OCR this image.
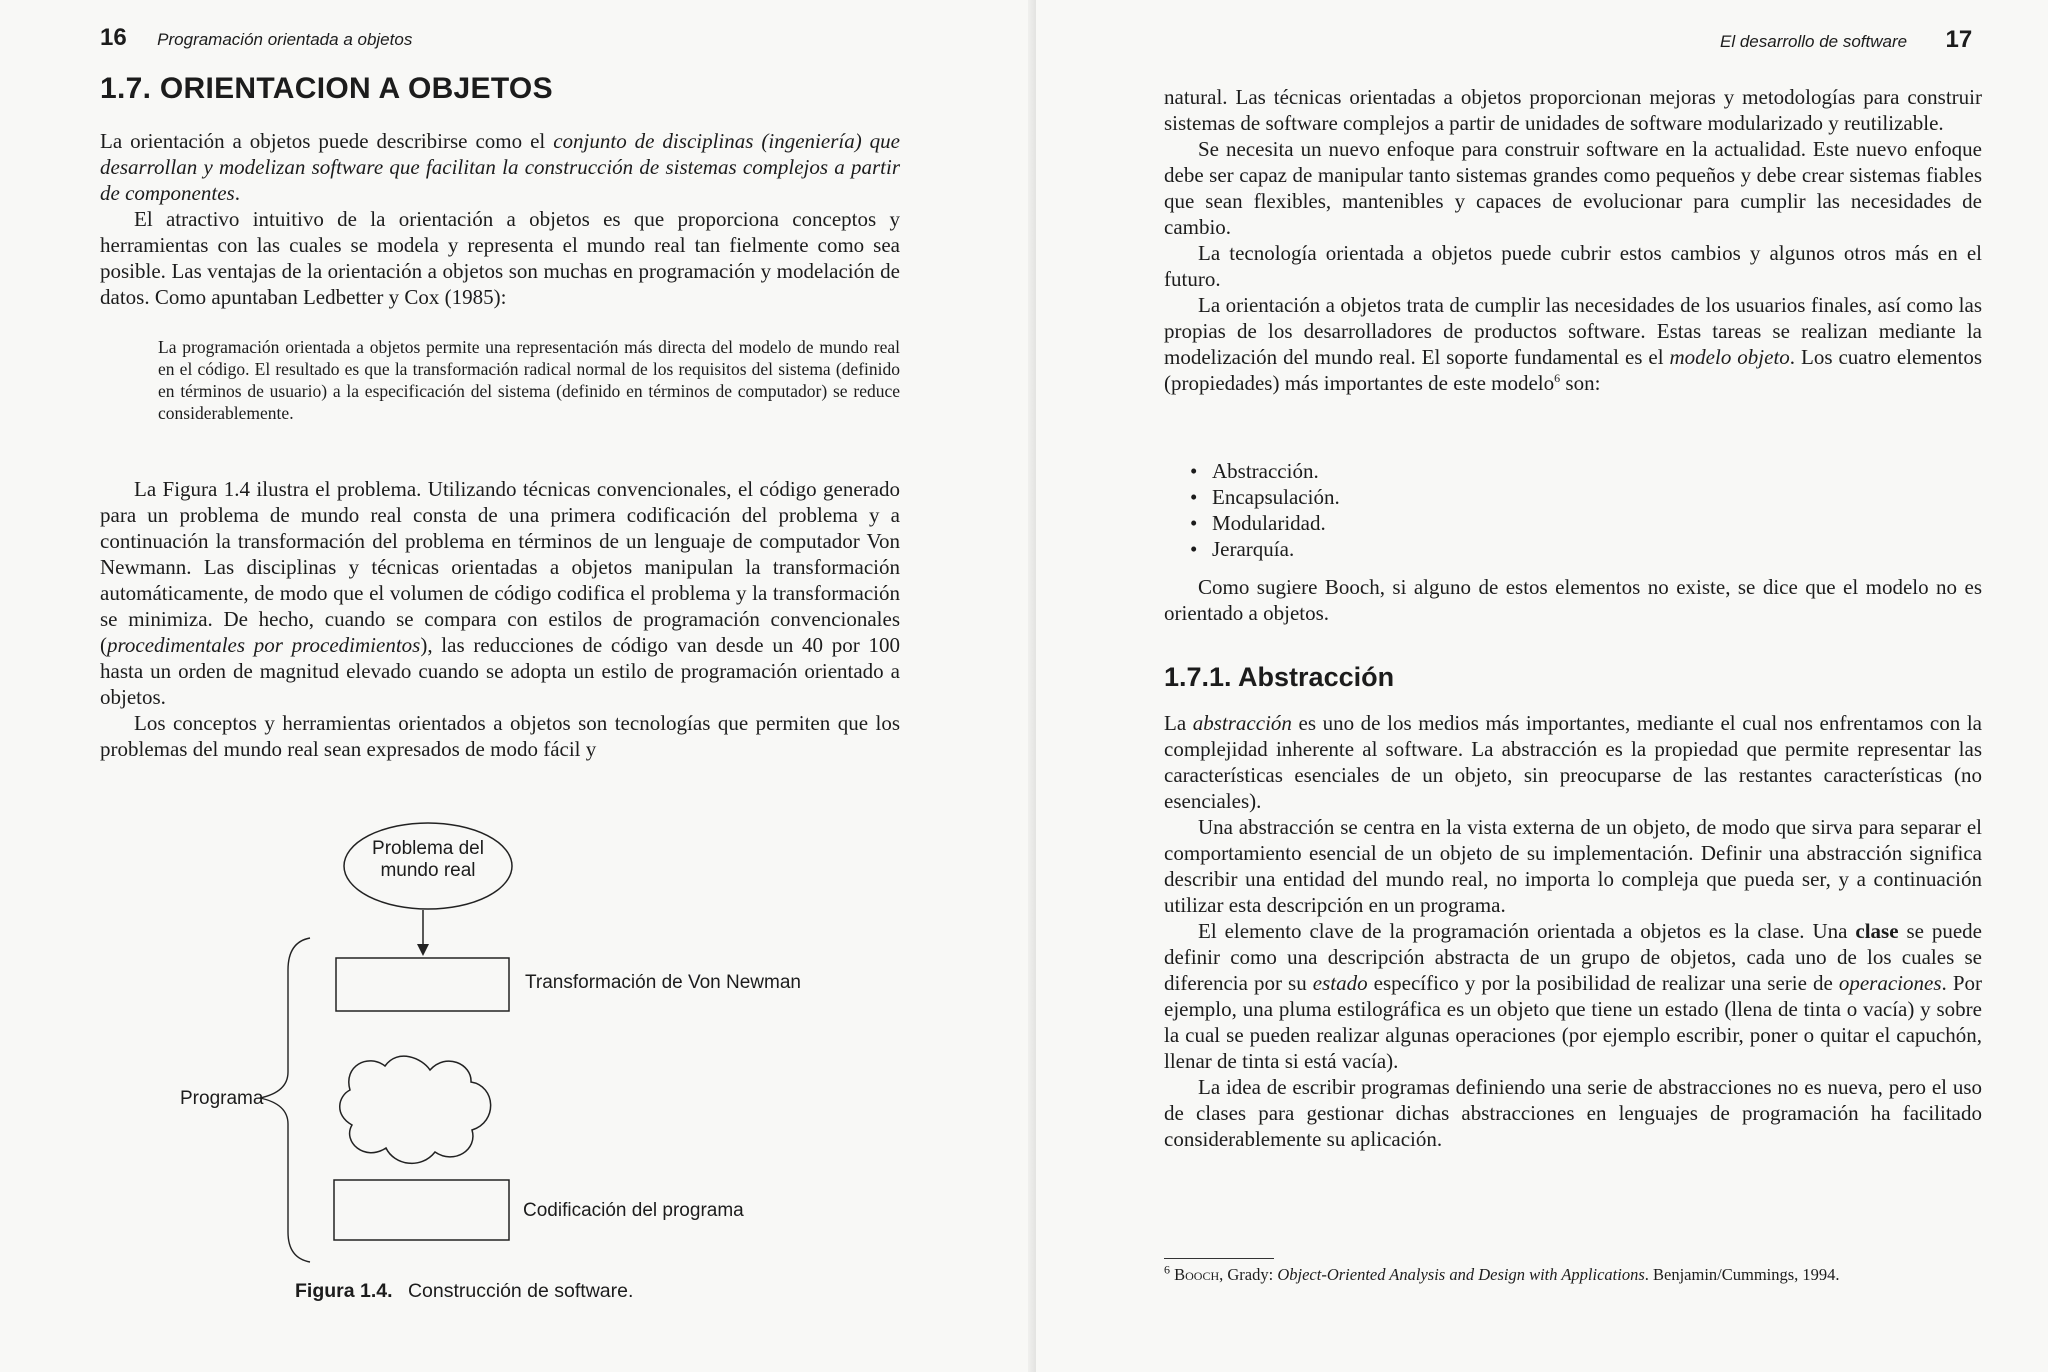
16 Programación orientada a objetos
1.7. ORIENTACION A OBJETOS

La orientación a objetos puede describirse como el conjunto de disciplinas (ingeniería) que desarrollan y modelizan software que facilitan la construcción de sistemas complejos a partir de componentes.

El atractivo intuitivo de la orientación a objetos es que proporciona conceptos y herramientas con las cuales se modela y representa el mundo real tan fielmente como sea posible. Las ventajas de la orientación a objetos son muchas en programación y modelación de datos. Como apuntaban Ledbetter y Cox (1985):

La programación orientada a objetos permite una representación más directa del modelo de mundo real en el código. El resultado es que la transformación radical normal de los requisitos del sistema (definido en términos de usuario) a la especificación del sistema (definido en términos de computador) se reduce considerablemente.

La Figura 1.4 ilustra el problema. Utilizando técnicas convencionales, el código generado para un problema de mundo real consta de una primera codificación del problema y a continuación la transformación del problema en términos de un lenguaje de computador Von Newmann. Las disciplinas y técnicas orientadas a objetos manipulan la transformación automáticamente, de modo que el volumen de código codifica el problema y la transformación se minimiza. De hecho, cuando se compara con estilos de programación convencionales (procedimentales por procedimientos), las reducciones de código van desde un 40 por 100 hasta un orden de magnitud elevado cuando se adopta un estilo de programación orientado a objetos.

Los conceptos y herramientas orientados a objetos son tecnologías que permiten que los problemas del mundo real sean expresados de modo fácil y

Problema del mundo real
Transformación de Von Newman
Programa
Codificación del programa
Figura 1.4. Construcción de software.
El desarrollo de software 17

natural. Las técnicas orientadas a objetos proporcionan mejoras y metodologías para construir sistemas de software complejos a partir de unidades de software modularizado y reutilizable.

Se necesita un nuevo enfoque para construir software en la actualidad. Este nuevo enfoque debe ser capaz de manipular tanto sistemas grandes como pequeños y debe crear sistemas fiables que sean flexibles, mantenibles y capaces de evolucionar para cumplir las necesidades de cambio.

La tecnología orientada a objetos puede cubrir estos cambios y algunos otros más en el futuro.

La orientación a objetos trata de cumplir las necesidades de los usuarios finales, así como las propias de los desarrolladores de productos software. Estas tareas se realizan mediante la modelización del mundo real. El soporte fundamental es el modelo objeto. Los cuatro elementos (propiedades) más importantes de este modelo$^6$ son:

• Abstracción.
• Encapsulación.
• Modularidad.
• Jerarquía.

Como sugiere Booch, si alguno de estos elementos no existe, se dice que el modelo no es orientado a objetos.

1.7.1. Abstracción

La abstracción es uno de los medios más importantes, mediante el cual nos enfrentamos con la complejidad inherente al software. La abstracción es la propiedad que permite representar las características esenciales de un objeto, sin preocuparse de las restantes características (no esenciales).

Una abstracción se centra en la vista externa de un objeto, de modo que sirva para separar el comportamiento esencial de un objeto de su implementación. Definir una abstracción significa describir una entidad del mundo real, no importa lo compleja que pueda ser, y a continuación utilizar esta descripción en un programa.

El elemento clave de la programación orientada a objetos es la clase. Una clase se puede definir como una descripción abstracta de un grupo de objetos, cada uno de los cuales se diferencia por su estado específico y por la posibilidad de realizar una serie de operaciones. Por ejemplo, una pluma estilográfica es un objeto que tiene un estado (llena de tinta o vacía) y sobre la cual se pueden realizar algunas operaciones (por ejemplo escribir, poner o quitar el capuchón, llenar de tinta si está vacía).

La idea de escribir programas definiendo una serie de abstracciones no es nueva, pero el uso de clases para gestionar dichas abstracciones en lenguajes de programación ha facilitado considerablemente su aplicación.

$^6$ Booch, Grady: Object-Oriented Analysis and Design with Applications. Benjamin/Cummings, 1994.
